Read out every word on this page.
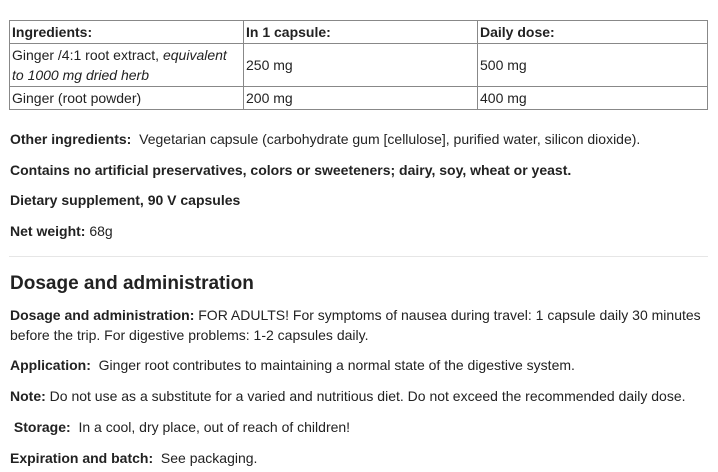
Ingredients:	In 1 capsule:	Daily dose:
Ginger /4:1 root extract, equivalent to 1000 mg dried herb	250 mg	500 mg
Ginger (root powder)	200 mg	400 mg

Other ingredients: Vegetarian capsule (carbohydrate gum [cellulose], purified water, silicon dioxide).

Contains no artificial preservatives, colors or sweeteners; dairy, soy, wheat or yeast.

Dietary supplement, 90 V capsules

Net weight: 68g

Dosage and administration

Dosage and administration: FOR ADULTS! For symptoms of nausea during travel: 1 capsule daily 30 minutes before the trip. For digestive problems: 1-2 capsules daily.

Application: Ginger root contributes to maintaining a normal state of the digestive system.

Note: Do not use as a substitute for a varied and nutritious diet. Do not exceed the recommended daily dose.

Storage: In a cool, dry place, out of reach of children!

Expiration and batch: See packaging.
